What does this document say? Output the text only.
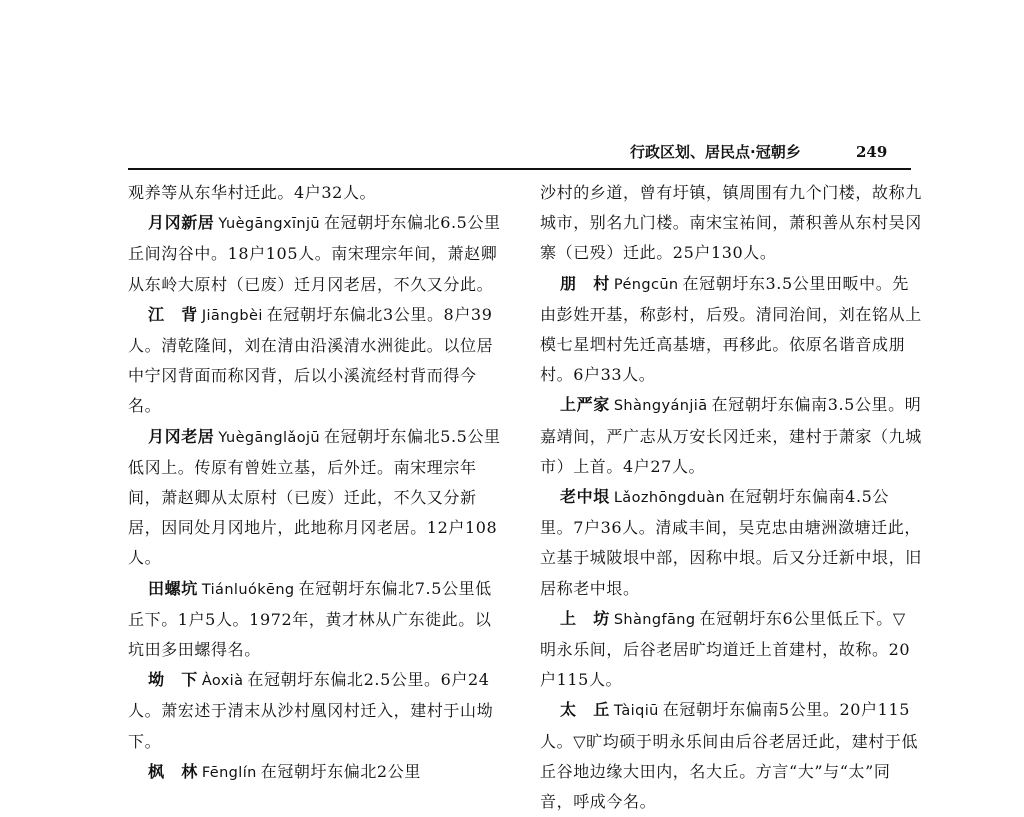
行政区划、居民点·冠朝乡	249

观养等从东华村迁此。4户32人。

月冈新居 Yuègāngxīnjū 在冠朝圩东偏北6.5公里丘间沟谷中。18户105人。南宋理宗年间，萧赵卿从东岭大原村（已废）迁月冈老居，不久又分此。

江　背 Jiāngbèi 在冠朝圩东偏北3公里。8户39人。清乾隆间，刘在清由沿溪清水洲徙此。以位居中宁冈背面而称冈背，后以小溪流经村背而得今名。

月冈老居 Yuègānglǎojū 在冠朝圩东偏北5.5公里低冈上。传原有曾姓立基，后外迁。南宋理宗年间，萧赵卿从太原村（已废）迁此，不久又分新居，因同处月冈地片，此地称月冈老居。12户108人。

田螺坑 Tiánluókēng 在冠朝圩东偏北7.5公里低丘下。1户5人。1972年，黄才林从广东徙此。以坑田多田螺得名。

坳　下 Àoxià 在冠朝圩东偏北2.5公里。6户24人。萧宏述于清末从沙村凰冈村迁入，建村于山坳下。

枫　林 Fēnglín 在冠朝圩东偏北2公里

沙村的乡道，曾有圩镇，镇周围有九个门楼，故称九城市，别名九门楼。南宋宝祐间，萧积善从东村吴冈寨（已殁）迁此。25户130人。

朋　村 Péngcūn 在冠朝圩东3.5公里田畈中。先由彭姓开基，称彭村，后殁。清同治间，刘在铭从上模七星垇村先迁高基塘，再移此。依原名谐音成朋村。6户33人。

上严家 Shàngyánjiā 在冠朝圩东偏南3.5公里。明嘉靖间，严广志从万安长冈迁来，建村于萧家（九城市）上首。4户27人。

老中垠 Lǎozhōngduàn 在冠朝圩东偏南4.5公里。7户36人。清咸丰间，吴克忠由塘洲潋塘迁此，立基于城陂垠中部，因称中垠。后又分迁新中垠，旧居称老中垠。

上　坊 Shàngfāng 在冠朝圩东6公里低丘下。▽明永乐间，后谷老居旷均道迁上首建村，故称。20户115人。

太　丘 Tàiqiū 在冠朝圩东偏南5公里。20户115人。▽旷均硕于明永乐间由后谷老居迁此，建村于低丘谷地边缘大田内，名大丘。方言“大”与“太”同音，呼成今名。
